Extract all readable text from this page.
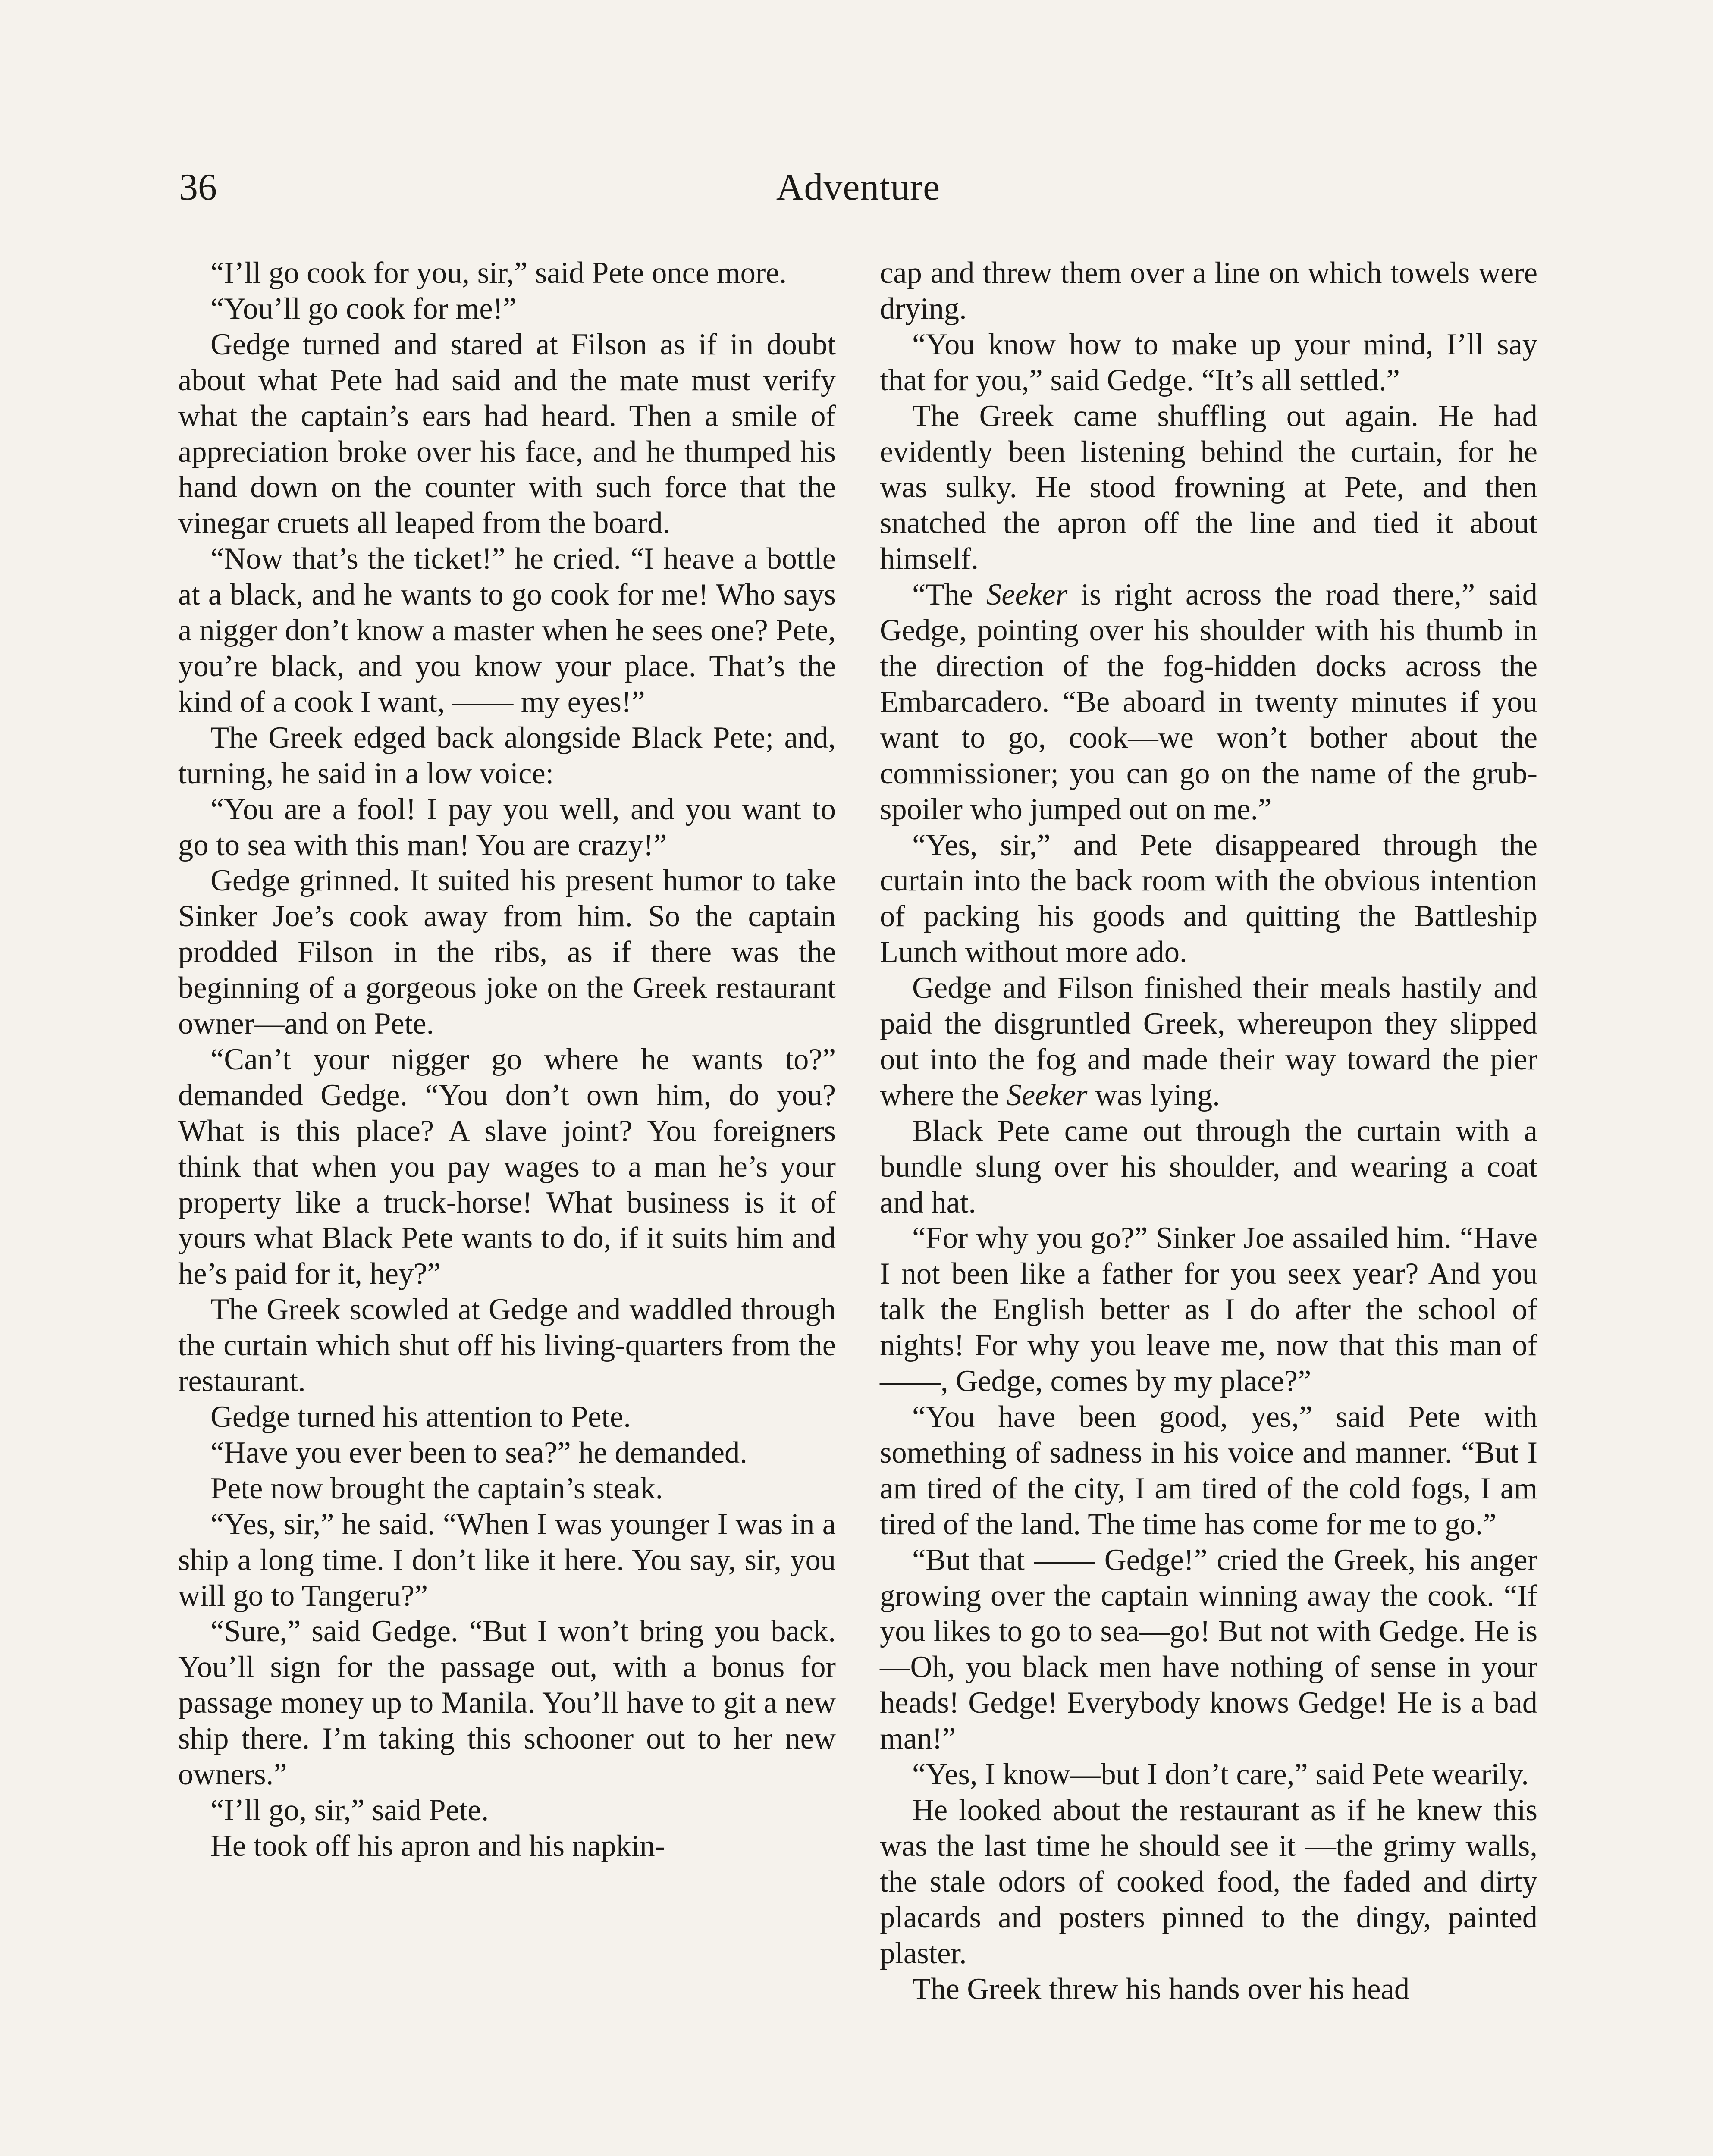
36	Adventure

“I’ll go cook for you, sir,” said Pete once more.

“You’ll go cook for me!”

Gedge turned and stared at Filson as if in doubt about what Pete had said and the mate must verify what the captain’s ears had heard. Then a smile of appreciation broke over his face, and he thumped his hand down on the counter with such force that the vinegar cruets all leaped from the board.

“Now that’s the ticket!” he cried. “I heave a bottle at a black, and he wants to go cook for me! Who says a nigger don’t know a master when he sees one? Pete, you’re black, and you know your place. That’s the kind of a cook I want, —— my eyes!”

The Greek edged back alongside Black Pete; and, turning, he said in a low voice:

“You are a fool! I pay you well, and you want to go to sea with this man! You are crazy!”

Gedge grinned. It suited his present humor to take Sinker Joe’s cook away from him. So the captain prodded Filson in the ribs, as if there was the beginning of a gorgeous joke on the Greek restaurant owner—and on Pete.

“Can’t your nigger go where he wants to?” demanded Gedge. “You don’t own him, do you? What is this place? A slave joint? You foreigners think that when you pay wages to a man he’s your property like a truck-horse! What business is it of yours what Black Pete wants to do, if it suits him and he’s paid for it, hey?”

The Greek scowled at Gedge and waddled through the curtain which shut off his living-quarters from the restaurant.

Gedge turned his attention to Pete.

“Have you ever been to sea?” he demanded.

Pete now brought the captain’s steak.

“Yes, sir,” he said. “When I was younger I was in a ship a long time. I don’t like it here. You say, sir, you will go to Tangeru?”

“Sure,” said Gedge. “But I won’t bring you back. You’ll sign for the passage out, with a bonus for passage money up to Manila. You’ll have to git a new ship there. I’m taking this schooner out to her new owners.”

“I’ll go, sir,” said Pete.

He took off his apron and his napkin-

cap and threw them over a line on which towels were drying.

“You know how to make up your mind, I’ll say that for you,” said Gedge. “It’s all settled.”

The Greek came shuffling out again. He had evidently been listening behind the curtain, for he was sulky. He stood frowning at Pete, and then snatched the apron off the line and tied it about himself.

“The Seeker is right across the road there,” said Gedge, pointing over his shoulder with his thumb in the direction of the fog-hidden docks across the Embarcadero. “Be aboard in twenty minutes if you want to go, cook—we won’t bother about the commissioner; you can go on the name of the grub-spoiler who jumped out on me.”

“Yes, sir,” and Pete disappeared through the curtain into the back room with the obvious intention of packing his goods and quitting the Battleship Lunch without more ado.

Gedge and Filson finished their meals hastily and paid the disgruntled Greek, whereupon they slipped out into the fog and made their way toward the pier where the Seeker was lying.

Black Pete came out through the curtain with a bundle slung over his shoulder, and wearing a coat and hat.

“For why you go?” Sinker Joe assailed him. “Have I not been like a father for you seex year? And you talk the English better as I do after the school of nights! For why you leave me, now that this man of ——, Gedge, comes by my place?”

“You have been good, yes,” said Pete with something of sadness in his voice and manner. “But I am tired of the city, I am tired of the cold fogs, I am tired of the land. The time has come for me to go.”

“But that —— Gedge!” cried the Greek, his anger growing over the captain winning away the cook. “If you likes to go to sea—go! But not with Gedge. He is—Oh, you black men have nothing of sense in your heads! Gedge! Everybody knows Gedge! He is a bad man!”

“Yes, I know—but I don’t care,” said Pete wearily.

He looked about the restaurant as if he knew this was the last time he should see it —the grimy walls, the stale odors of cooked food, the faded and dirty placards and posters pinned to the dingy, painted plaster.

The Greek threw his hands over his head
